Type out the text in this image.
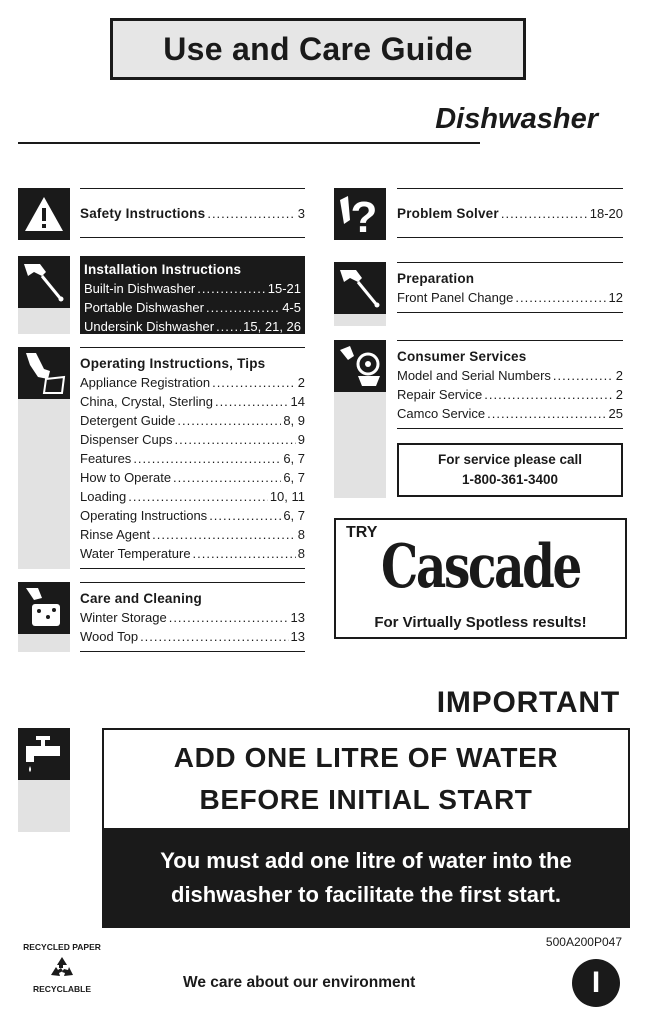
Use and Care Guide
Dishwasher
Safety Instructions .....	3
Installation Instructions
Built-in Dishwasher .....	15-21
Portable Dishwasher .....	4-5
Undersink Dishwasher ..... 15, 21, 26
Operating Instructions, Tips
Appliance Registration .....	2
China, Crystal, Sterling .....	14
Detergent Guide .....	8, 9
Dispenser Cups .....	9
Features .....	6, 7
How to Operate .....	6, 7
Loading .....	10, 11
Operating Instructions .....	6, 7
Rinse Agent .....	8
Water Temperature .....	8
Care and Cleaning
Winter Storage .....	13
Wood Top .....	13
? Problem Solver .....	18-20
Preparation
Front Panel Change .....	12
Consumer Services
Model and Serial Numbers .....	2
Repair Service .....	2
Camco Service .....	25
For service please call
1-800-361-3400
TRY Cascade
For Virtually Spotless results!
IMPORTANT
ADD ONE LITRE OF WATER
BEFORE INITIAL START
You must add one litre of water into the
dishwasher to facilitate the first start.
RECYCLED PAPER
RECYCLABLE
500A200P047
We care about our environment	I
